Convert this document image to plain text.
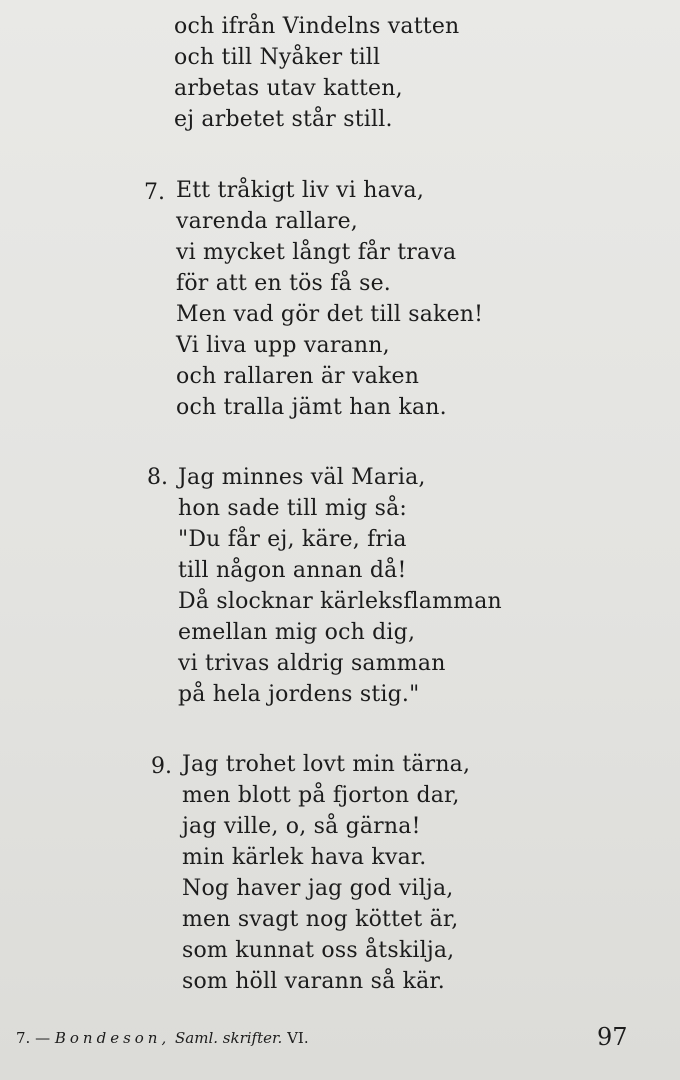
och ifrån Vindelns vatten
och till Nyåker till
arbetas utav katten,
ej arbetet står still.
7. Ett tråkigt liv vi hava,
varenda rallare,
vi mycket långt får trava
för att en tös få se.
Men vad gör det till saken!
Vi liva upp varann,
och rallaren är vaken
och tralla jämt han kan.
8. Jag minnes väl Maria,
hon sade till mig så:
"Du får ej, käre, fria
till någon annan då!
Då slocknar kärleksflamman
emellan mig och dig,
vi trivas aldrig samman
på hela jordens stig."
9. Jag trohet lovt min tärna,
men blott på fjorton dar,
jag ville, o, så gärna!
min kärlek hava kvar.
Nog haver jag god vilja,
men svagt nog köttet är,
som kunnat oss åtskilja,
som höll varann så kär.
7. — Bondeson, Saml. skrifter. VI.	97
